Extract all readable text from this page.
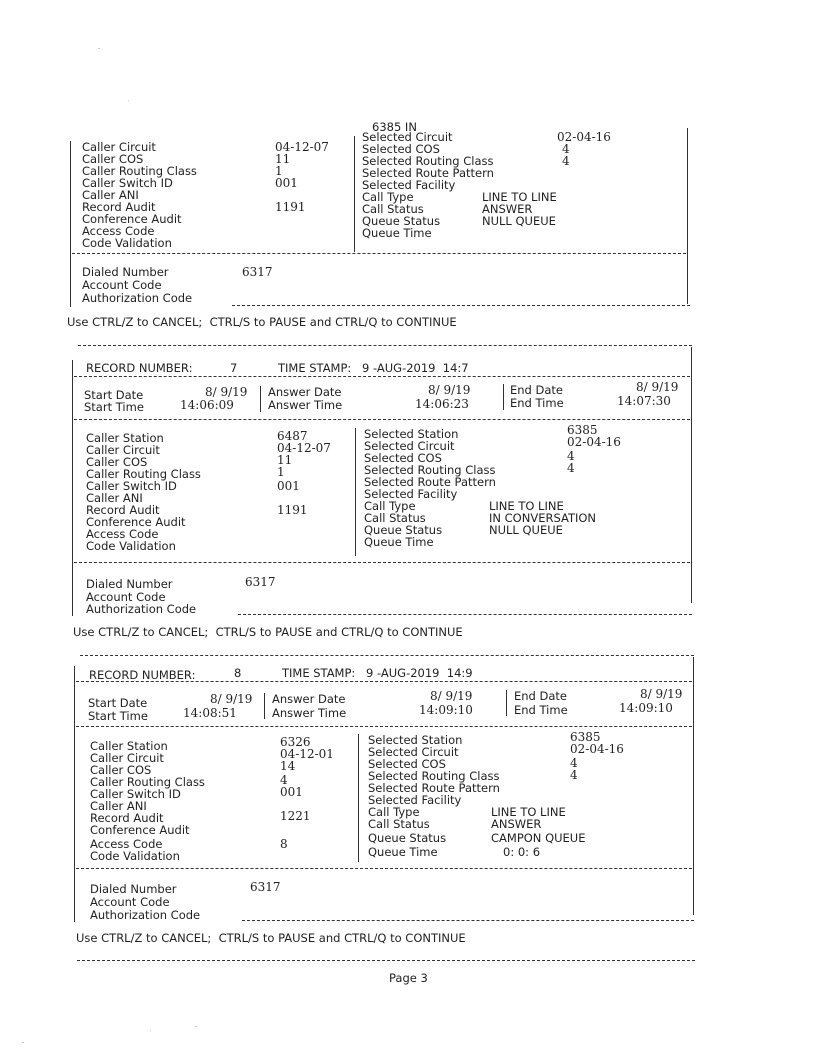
6385 IN
Caller Circuit	04-12-07
Caller COS	11
Caller Routing Class	1
Caller Switch ID	001
Caller ANI
Record Audit	1191
Conference Audit
Access Code
Code Validation
Selected Circuit	02-04-16
Selected COS	4
Selected Routing Class	4
Selected Route Pattern
Selected Facility
Call Type	LINE TO LINE
Call Status	ANSWER
Queue Status	NULL QUEUE
Queue Time
Dialed Number	6317
Account Code
Authorization Code
Use CTRL/Z to CANCEL;  CTRL/S to PAUSE and CTRL/Q to CONTINUE
RECORD NUMBER:	7	TIME STAMP: 9 -AUG-2019  14:7
Start Date	8/ 9/19
Start Time	14:06:09
Answer Date	8/ 9/19
Answer Time	14:06:23
End Date	8/ 9/19
End Time	14:07:30
Caller Station	6487
Caller Circuit	04-12-07
Caller COS	11
Caller Routing Class	1
Caller Switch ID	001
Caller ANI
Record Audit	1191
Conference Audit
Access Code
Code Validation
Selected Station	6385
Selected Circuit	02-04-16
Selected COS	4
Selected Routing Class	4
Selected Route Pattern
Selected Facility
Call Type	LINE TO LINE
Call Status	IN CONVERSATION
Queue Status	NULL QUEUE
Queue Time
Dialed Number	6317
Account Code
Authorization Code
Use CTRL/Z to CANCEL;  CTRL/S to PAUSE and CTRL/Q to CONTINUE
RECORD NUMBER:	8	TIME STAMP: 9 -AUG-2019  14:9
Start Date	8/ 9/19
Start Time	14:08:51
Answer Date	8/ 9/19
Answer Time	14:09:10
End Date	8/ 9/19
End Time	14:09:10
Caller Station	6326
Caller Circuit	04-12-01
Caller COS	14
Caller Routing Class	4
Caller Switch ID	001
Caller ANI
Record Audit	1221
Conference Audit
Access Code	8
Code Validation
Selected Station	6385
Selected Circuit	02-04-16
Selected COS	4
Selected Routing Class	4
Selected Route Pattern
Selected Facility
Call Type	LINE TO LINE
Call Status	ANSWER
Queue Status	CAMPON QUEUE
Queue Time	0: 0: 6
Dialed Number	6317
Account Code
Authorization Code
Use CTRL/Z to CANCEL;  CTRL/S to PAUSE and CTRL/Q to CONTINUE
Page 3
